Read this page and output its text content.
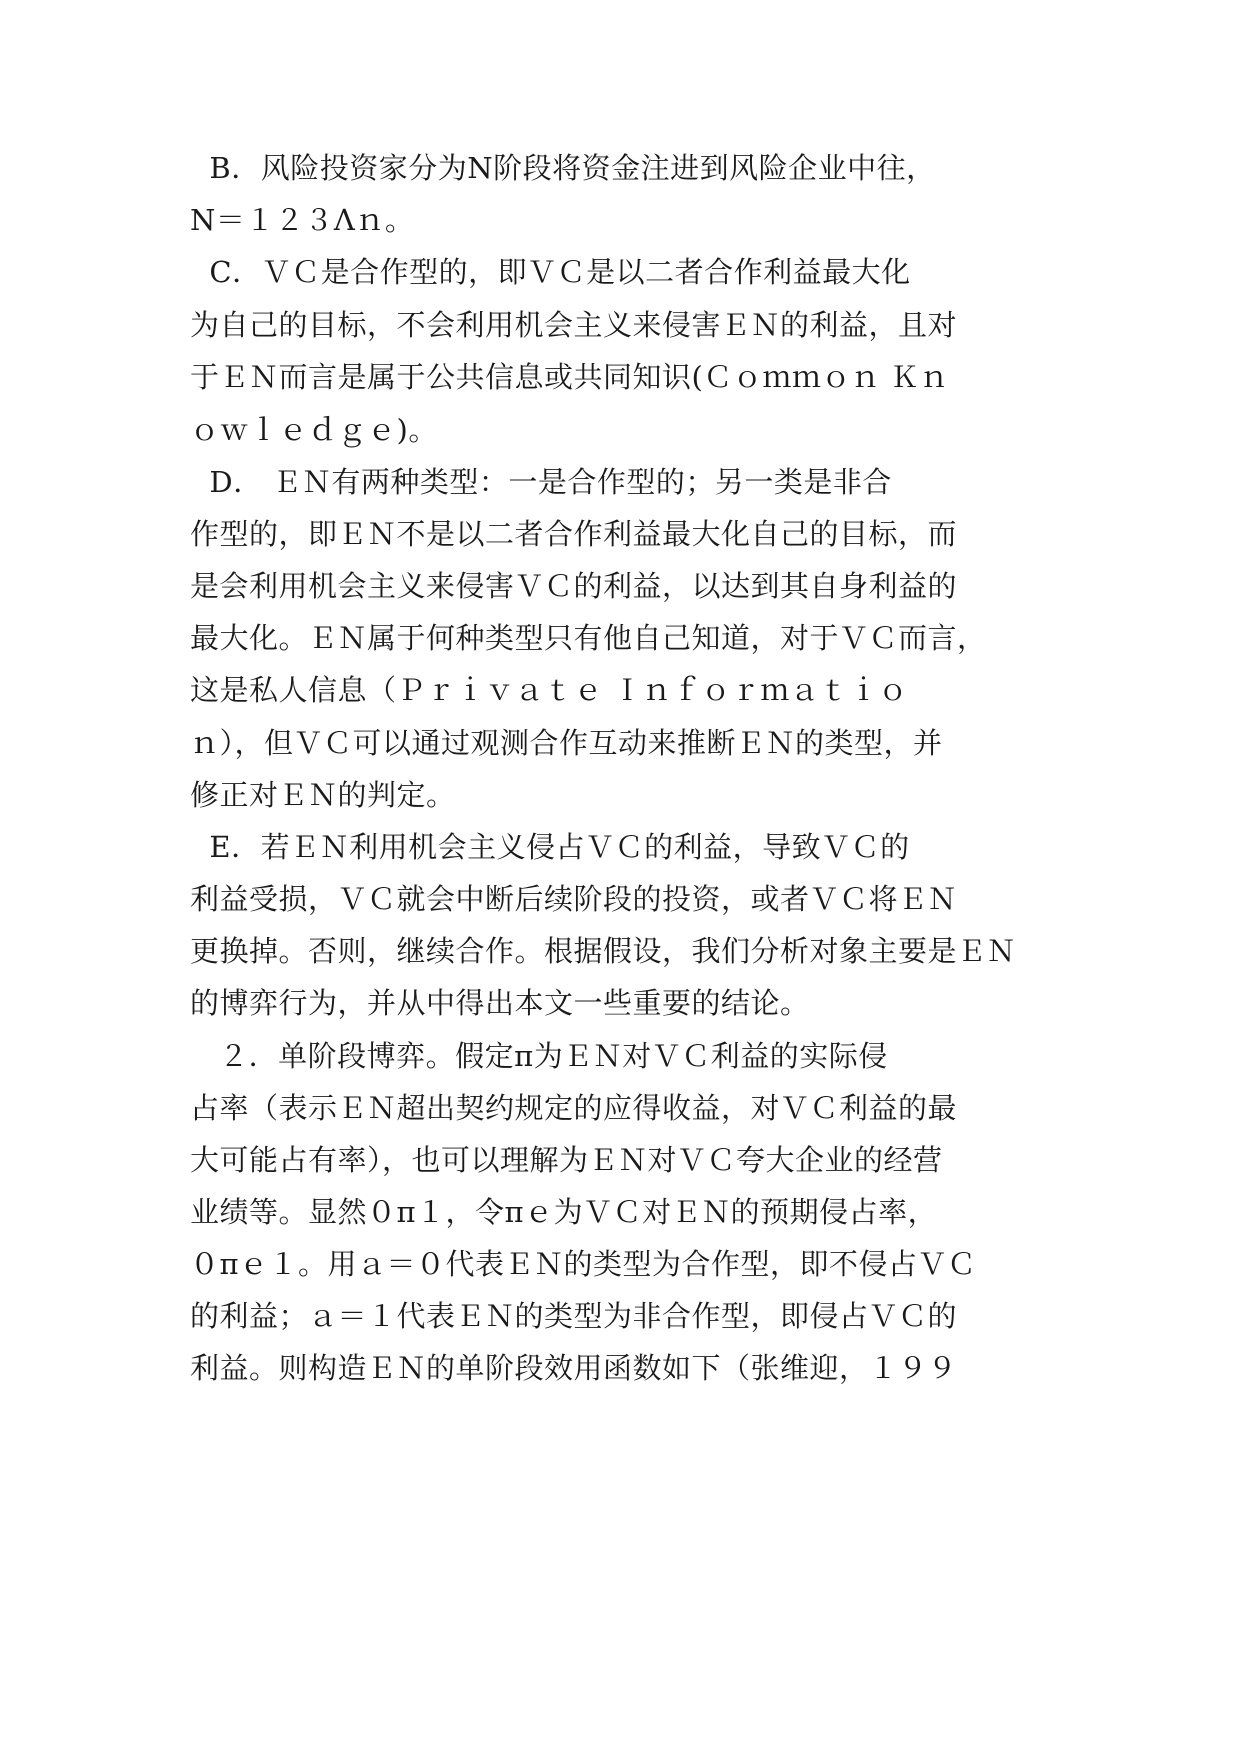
B．风险投资家分为N阶段将资金注进到风险企业中往，
N＝１２３Λｎ。
C．ＶＣ是合作型的，即ＶＣ是以二者合作利益最大化
为自己的目标，不会利用机会主义来侵害ＥＮ的利益，且对
于ＥＮ而言是属于公共信息或共同知识(Ｃｏｍｍｏｎ Ｋｎ
ｏｗｌｅｄｇｅ)。
D． ＥＮ有两种类型：一是合作型的；另一类是非合
作型的，即ＥＮ不是以二者合作利益最大化自己的目标，而
是会利用机会主义来侵害ＶＣ的利益，以达到其自身利益的
最大化。ＥＮ属于何种类型只有他自己知道，对于ＶＣ而言，
这是私人信息（Ｐｒｉｖａｔｅ Ｉｎｆｏｒｍａｔｉｏ
ｎ），但ＶＣ可以通过观测合作互动来推断ＥＮ的类型，并
修正对ＥＮ的判定。
E．若ＥＮ利用机会主义侵占ＶＣ的利益，导致ＶＣ的
利益受损，ＶＣ就会中断后续阶段的投资，或者ＶＣ将ＥＮ
更换掉。否则，继续合作。根据假设，我们分析对象主要是ＥＮ
的博弈行为，并从中得出本文一些重要的结论。
２．单阶段博弈。假定π为ＥＮ对ＶＣ利益的实际侵
占率（表示ＥＮ超出契约规定的应得收益，对ＶＣ利益的最
大可能占有率），也可以理解为ＥＮ对ＶＣ夸大企业的经营
业绩等。显然０π１，令πｅ为ＶＣ对ＥＮ的预期侵占率，
０πｅ１。用ａ＝０代表ＥＮ的类型为合作型，即不侵占ＶＣ
的利益；ａ＝１代表ＥＮ的类型为非合作型，即侵占ＶＣ的
利益。则构造ＥＮ的单阶段效用函数如下（张维迎，１９９
